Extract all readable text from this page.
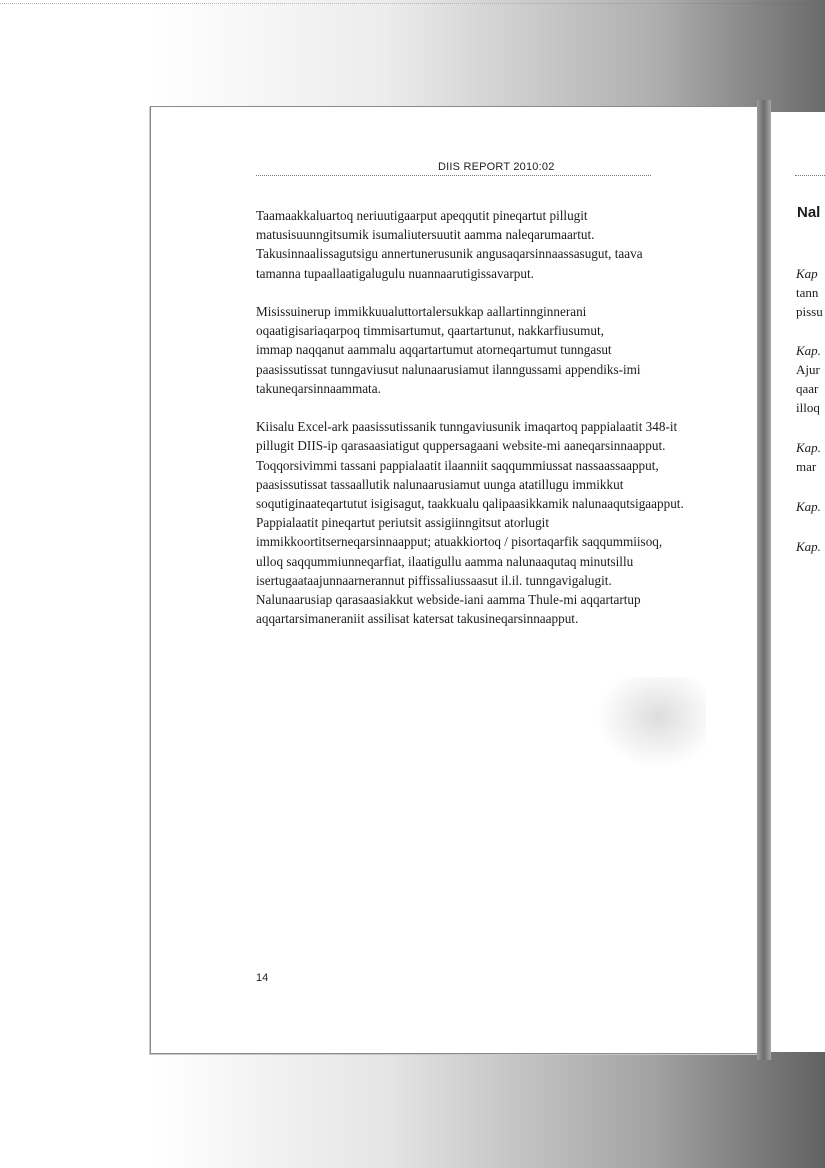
DIIS REPORT 2010:02
Taamaakkaluartoq neriuutigaarput apeqqutit pineqartut pillugit
matusisuunngitsumik isumaliutersuutit aamma naleqarumaartut.
Takusinnaalissagutsigu annertunerusunik angusaqarsinnaassasugut, taava
tamanna tupaallaatigalugulu nuannaarutigissavarput.
Misissuinerup immikkuualuttortalersukkap aallartinnginnerani
oqaatigisariaqarpoq timmisartumut, qaartartunut, nakkarfiusumut,
immap naqqanut aammalu aqqartartumut atorneqartumut tunngasut
paasissutissat tunngaviusut nalunaarusiamut ilanngussami appendiks-imi
takuneqarsinnaammata.
Kiisalu Excel-ark paasissutissanik tunngaviusunik imaqartoq pappialaatit 348-it
pillugit DIIS-ip qarasaasiatigut quppersagaani website-mi aaneqarsinnaapput.
Toqqorsivimmi tassani pappialaatit ilaanniit saqqummiussat nassaassaapput,
paasissutissat tassaallutik nalunaarusiamut uunga atatillugu immikkut
soqutiginaateqartutut isigisagut, taakkualu qalipaasikkamik nalunaaqutsigaapput.
Pappialaatit pineqartut periutsit assigiinngitsut atorlugit
immikkoortitserneqarsinnaapput; atuakkiortoq / pisortaqarfik saqqummiisoq,
ulloq saqqummiunneqarfiat, ilaatigullu aamma nalunaaqutaq minutsillu
isertugaataajunnaarnerannut piffissaliussaasut il.il. tunngavigalugit.
Nalunaarusiap qarasaasiakkut webside-iani aamma Thule-mi aqqartartup
aqqartarsimaneraniit assilisat katersat takusineqarsinnaapput.
14
Nal
Kap
tann
pissu
Kap.
Ajur
qaar
illoq
Kap.
mar
Kap.
Kap.
